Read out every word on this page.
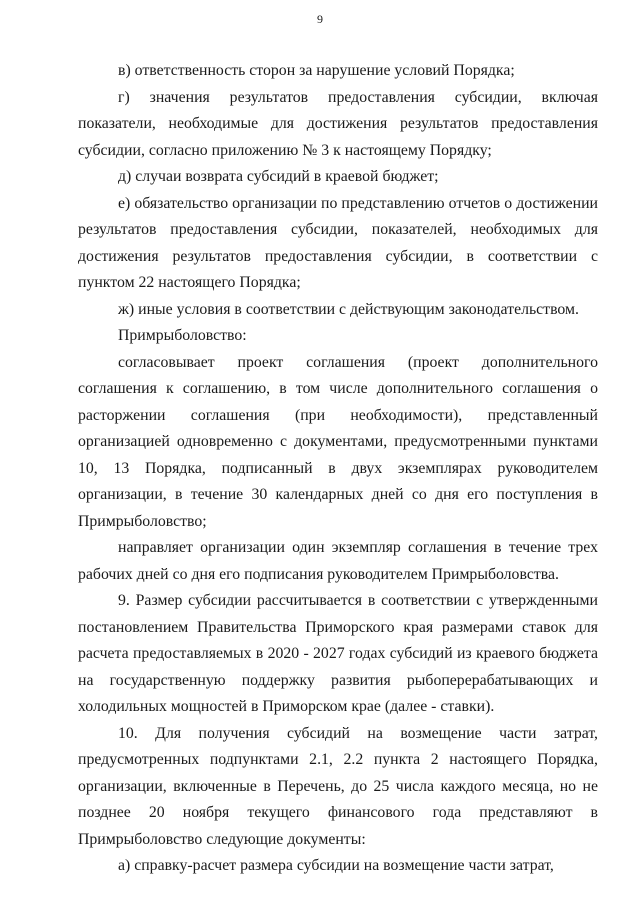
9

в) ответственность сторон за нарушение условий Порядка;

г) значения результатов предоставления субсидии, включая показатели, необходимые для достижения результатов предоставления субсидии, согласно приложению № 3 к настоящему Порядку;

д) случаи возврата субсидий в краевой бюджет;

е) обязательство организации по представлению отчетов о достижении результатов предоставления субсидии, показателей, необходимых для достижения результатов предоставления субсидии, в соответствии с пунктом 22 настоящего Порядка;

ж) иные условия в соответствии с действующим законодательством.

Примрыболовство:

согласовывает проект соглашения (проект дополнительного соглашения к соглашению, в том числе дополнительного соглашения о расторжении соглашения (при необходимости), представленный организацией одновременно с документами, предусмотренными пунктами 10, 13 Порядка, подписанный в двух экземплярах руководителем организации, в течение 30 календарных дней со дня его поступления в Примрыболовство;

направляет организации один экземпляр соглашения в течение трех рабочих дней со дня его подписания руководителем Примрыболовства.

9. Размер субсидии рассчитывается в соответствии с утвержденными постановлением Правительства Приморского края размерами ставок для расчета предоставляемых в 2020 - 2027 годах субсидий из краевого бюджета на государственную поддержку развития рыбоперерабатывающих и холодильных мощностей в Приморском крае (далее - ставки).

10. Для получения субсидий на возмещение части затрат, предусмотренных подпунктами 2.1, 2.2 пункта 2 настоящего Порядка, организации, включенные в Перечень, до 25 числа каждого месяца, но не позднее 20 ноября текущего финансового года представляют в Примрыболовство следующие документы:

а) справку-расчет размера субсидии на возмещение части затрат,
